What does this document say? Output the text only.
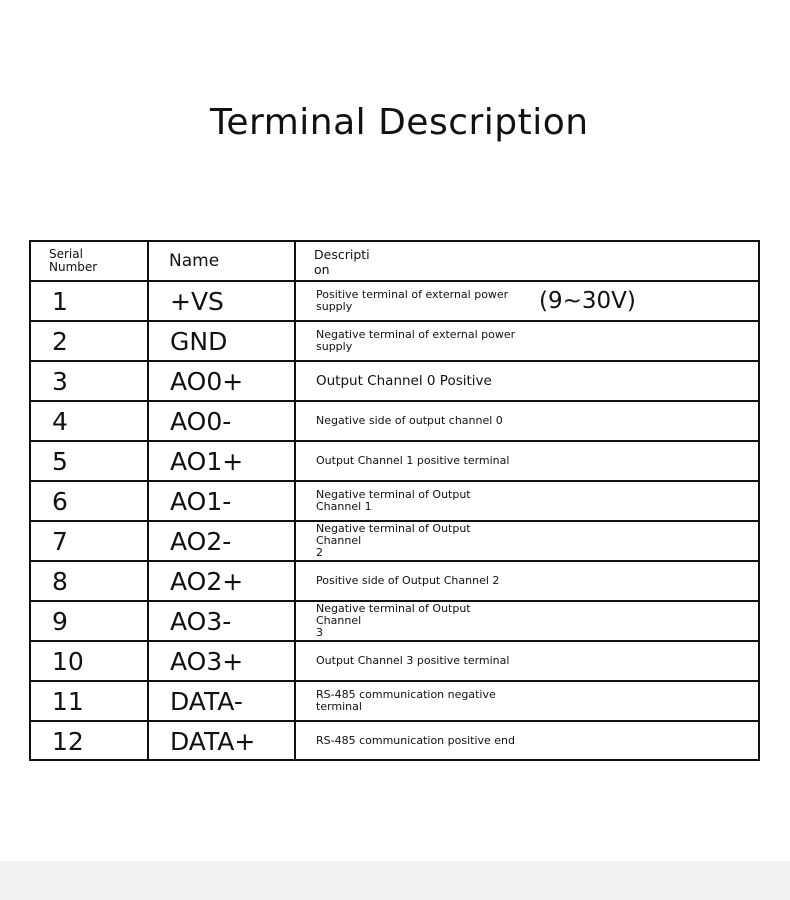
Terminal Description
Serial
Number	Name	Descripti
on
1	+VS	Positive terminal of external power supply	(9~30V)
2	GND	Negative terminal of external power
supply
3	AO0+	Output Channel 0 Positive
4	AO0-	Negative side of output channel 0
5	AO1+	Output Channel 1 positive terminal
6	AO1-	Negative terminal of Output
Channel 1
7	AO2-	Negative terminal of Output Channel
2
8	AO2+	Positive side of Output Channel 2
9	AO3-	Negative terminal of Output Channel
3
10	AO3+	Output Channel 3 positive terminal
11	DATA-	RS-485 communication negative
terminal
12	DATA+	RS-485 communication positive end
